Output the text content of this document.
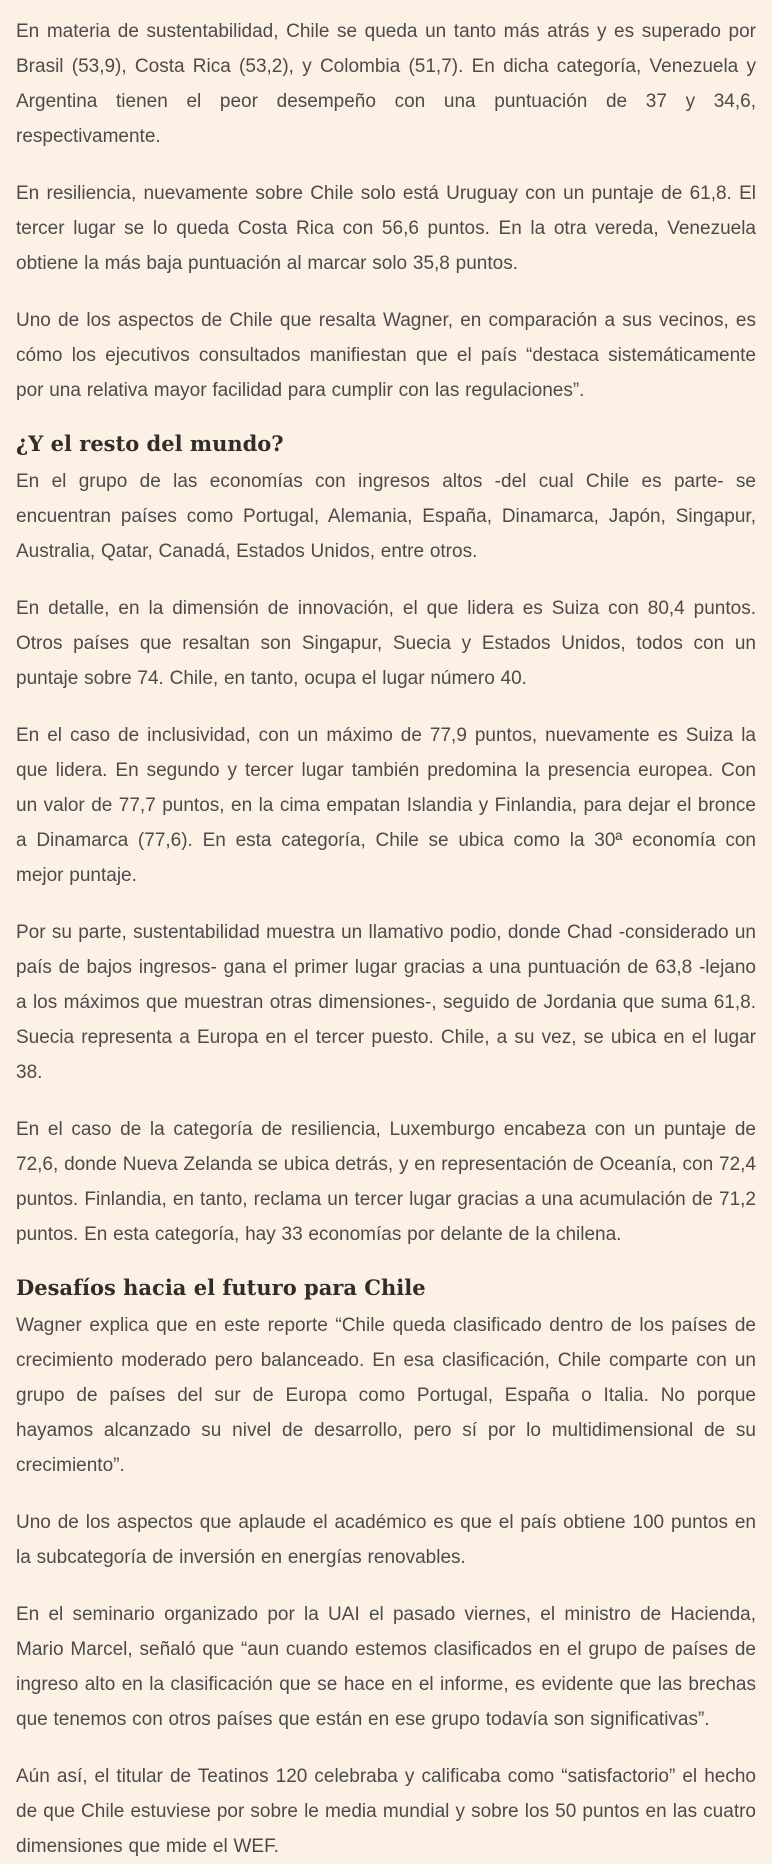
En materia de sustentabilidad, Chile se queda un tanto más atrás y es superado por Brasil (53,9), Costa Rica (53,2), y Colombia (51,7). En dicha categoría, Venezuela y Argentina tienen el peor desempeño con una puntuación de 37 y 34,6, respectivamente.

En resiliencia, nuevamente sobre Chile solo está Uruguay con un puntaje de 61,8. El tercer lugar se lo queda Costa Rica con 56,6 puntos. En la otra vereda, Venezuela obtiene la más baja puntuación al marcar solo 35,8 puntos.

Uno de los aspectos de Chile que resalta Wagner, en comparación a sus vecinos, es cómo los ejecutivos consultados manifiestan que el país “destaca sistemáticamente por una relativa mayor facilidad para cumplir con las regulaciones”.

¿Y el resto del mundo?

En el grupo de las economías con ingresos altos -del cual Chile es parte- se encuentran países como Portugal, Alemania, España, Dinamarca, Japón, Singapur, Australia, Qatar, Canadá, Estados Unidos, entre otros.

En detalle, en la dimensión de innovación, el que lidera es Suiza con 80,4 puntos. Otros países que resaltan son Singapur, Suecia y Estados Unidos, todos con un puntaje sobre 74. Chile, en tanto, ocupa el lugar número 40.

En el caso de inclusividad, con un máximo de 77,9 puntos, nuevamente es Suiza la que lidera. En segundo y tercer lugar también predomina la presencia europea. Con un valor de 77,7 puntos, en la cima empatan Islandia y Finlandia, para dejar el bronce a Dinamarca (77,6). En esta categoría, Chile se ubica como la 30ª economía con mejor puntaje.

Por su parte, sustentabilidad muestra un llamativo podio, donde Chad -considerado un país de bajos ingresos- gana el primer lugar gracias a una puntuación de 63,8 -lejano a los máximos que muestran otras dimensiones-, seguido de Jordania que suma 61,8. Suecia representa a Europa en el tercer puesto. Chile, a su vez, se ubica en el lugar 38.

En el caso de la categoría de resiliencia, Luxemburgo encabeza con un puntaje de 72,6, donde Nueva Zelanda se ubica detrás, y en representación de Oceanía, con 72,4 puntos. Finlandia, en tanto, reclama un tercer lugar gracias a una acumulación de 71,2 puntos. En esta categoría, hay 33 economías por delante de la chilena.

Desafíos hacia el futuro para Chile

Wagner explica que en este reporte “Chile queda clasificado dentro de los países de crecimiento moderado pero balanceado. En esa clasificación, Chile comparte con un grupo de países del sur de Europa como Portugal, España o Italia. No porque hayamos alcanzado su nivel de desarrollo, pero sí por lo multidimensional de su crecimiento”.

Uno de los aspectos que aplaude el académico es que el país obtiene 100 puntos en la subcategoría de inversión en energías renovables.

En el seminario organizado por la UAI el pasado viernes, el ministro de Hacienda, Mario Marcel, señaló que “aun cuando estemos clasificados en el grupo de países de ingreso alto en la clasificación que se hace en el informe, es evidente que las brechas que tenemos con otros países que están en ese grupo todavía son significativas”.

Aún así, el titular de Teatinos 120 celebraba y calificaba como “satisfactorio” el hecho de que Chile estuviese por sobre le media mundial y sobre los 50 puntos en las cuatro dimensiones que mide el WEF.
